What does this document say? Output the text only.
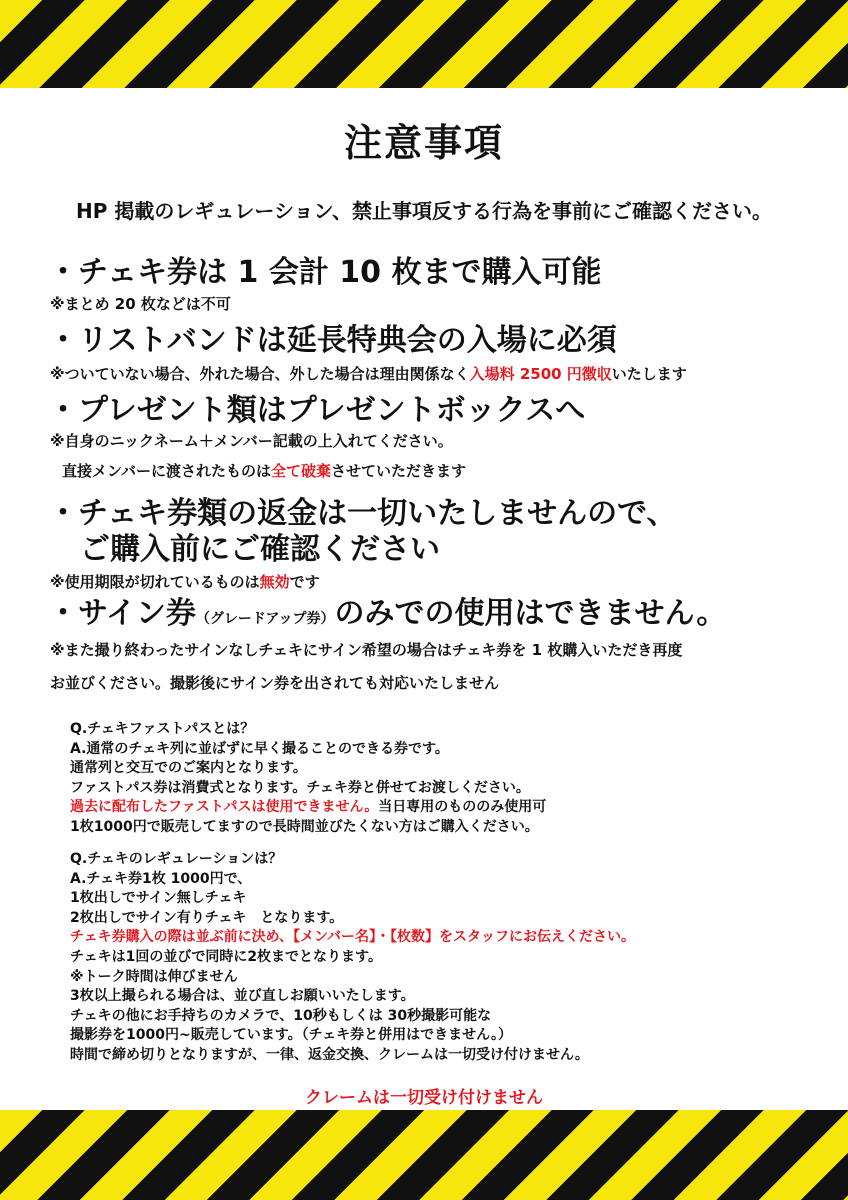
注意事項
HP 掲載のレギュレーション、禁止事項反する行為を事前にご確認ください。
・チェキ券は 1 会計 10 枚まで購入可能
※まとめ 20 枚などは不可
・リストバンドは延長特典会の入場に必須
※ついていない場合、外れた場合、外した場合は理由関係なく入場料 2500 円徴収いたします
・プレゼント類はプレゼントボックスへ
※自身のニックネーム＋メンバー記載の上入れてください。
直接メンバーに渡されたものは全て破棄させていただきます
・チェキ券類の返金は一切いたしませんので、
ご購入前にご確認ください
※使用期限が切れているものは無効です
・サイン券（グレードアップ券）のみでの使用はできません。
※また撮り終わったサインなしチェキにサイン希望の場合はチェキ券を 1 枚購入いただき再度
お並びください。撮影後にサイン券を出されても対応いたしません
Q.チェキファストパスとは？
A.通常のチェキ列に並ばずに早く撮ることのできる券です。
通常列と交互でのご案内となります。
ファストパス券は消費式となります。チェキ券と併せてお渡しください。
過去に配布したファストパスは使用できません。当日専用のもののみ使用可
1枚1000円で販売してますので長時間並びたくない方はご購入ください。
Q.チェキのレギュレーションは？
A.チェキ券1枚 1000円で、
1枚出しでサイン無しチェキ
2枚出しでサイン有りチェキ　となります。
チェキ券購入の際は並ぶ前に決め、【メンバー名】・【枚数】をスタッフにお伝えください。
チェキは1回の並びで同時に2枚までとなります。
※トーク時間は伸びません
3枚以上撮られる場合は、並び直しお願いいたします。
チェキの他にお手持ちのカメラで、10秒もしくは 30秒撮影可能な
撮影券を1000円~販売しています。（チェキ券と併用はできません。）
時間で締め切りとなりますが、一律、返金交換、クレームは一切受け付けません。
クレームは一切受け付けません
